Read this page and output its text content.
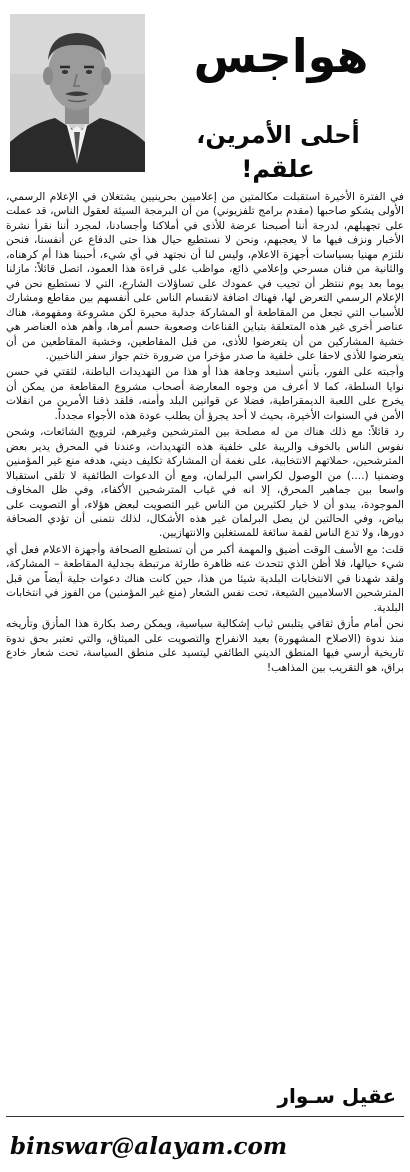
هواجس
أحلى الأمرين، علقم!

في الفترة الأخيرة استقبلت مكالمتين من إعلاميين بحرينيين يشتغلان في الإعلام الرسمي، الأولى يشكو صاحبها (مقدم برامج تلفزيوني) من أن البرمجة السيئة لعقول الناس، قد عملت على تجهيلهم، لدرجة أننا أصبحنا عرضة للأذى في أملاكنا وأجسادنا، لمجرد أننا نقرأ نشرة الأخبار ونزف فيها ما لا يعجبهم، ونحن لا نستطيع حيال هذا حتى الدفاع عن أنفسنا، فنحن نلتزم مهنيا بسياسات أجهزة الاعلام، وليس لنا أن نجتهد في أي شيء، أحببنا هذا أم كرهناه، والثانية من فنان مسرحي وإعلامي ذائع، مواظب على قراءة هذا العمود، اتصل قائلاً: مازلنا يوما بعد يوم ننتظر أن تجيب في عمودك على تساؤلات الشارع، التي لا نستطيع نحن في الإعلام الرسمي التعرض لها، فهناك اضافة لانقسام الناس على أنفسهم بين مقاطع ومشارك للأسباب التي تجعل من المقاطعة أو المشاركة جدلية محيرة لكن مشروعة ومفهومة، هناك عناصر أخرى غير هذه المتعلقة بتباين القناعات وصعوبة حسم أمرها، وأهم هذه العناصر هي خشية المشاركين من أن يتعرضوا للأذى، من قبل المقاطعين، وخشية المقاطعين من أن يتعرضوا للأذى لاحقا على خلفية ما صدر مؤخرا من ضرورة ختم جواز سفر الناخبين.

وأجبته على الفور، بأنني أستبعد وجاهة هذا أو هذا من التهديدات الباطنة، لثقتي في حسن نوايا السلطة، كما لا أعرف من وجوه المعارضة أصحاب مشروع المقاطعة من يمكن أن يخرج على اللعبة الديمقراطية، فضلا عن قوانين البلد وأمنه، فلقد ذقنا الأمرين من انفلات الأمن في السنوات الأخيرة، بحيث لا أحد يجرؤ أن يطلب عودة هذه الأجواء مجدداً.

رد قائلاً: مع ذلك هناك من له مصلحة بين المترشحين وغيرهم، لترويج الشائعات، وشحن نفوس الناس بالخوف والريبة على خلفية هذه التهديدات، وعندنا في المحرق يدير بعض المترشحين، حملاتهم الانتخابية، على نغمة أن المشاركة تكليف ديني، هدفه منع غير المؤمنين وضمنيا (....) من الوصول لكراسي البرلمان، ومع أن الدعوات الطائفية لا تلقى استقبالا واسعا بين جماهير المحرق، إلا انه في غياب المترشحين الأكفاء، وفي ظل المخاوف الموجودة، يبدو أن لا خيار لكثيرين من الناس غير التصويت لبعض هؤلاء، أو التصويت على بياض، وفي الحالتين لن يصل البرلمان غير هذه الأشكال، لذلك نتمنى أن تؤدي الصحافة دورها، ولا تدع الناس لقمة سائغة للمستغلين والانتهازيين.

قلت: مع الأسف الوقت أضيق والمهمة أكبر من أن تستطيع الصحافة وأجهزة الاعلام فعل أي شيء حيالها، فلا أظن الذي تتحدث عنه ظاهرة طارئة مرتبطة بجدلية المقاطعة – المشاركة، ولقد شهدنا في الانتخابات البلدية شيئا من هذا، حين كانت هناك دعوات جلية أيضاً من قبل المترشحين الاسلاميين الشيعة، تحت نفس الشعار (منع غير المؤمنين) من الفوز في انتخابات البلدية.

نحن أمام مأزق ثقافي يتلبس ثياب إشكالية سياسية، ويمكن رصد بكارة هذا المأزق وتأريخه منذ ندوة (الاصلاح المشهورة) بعيد الانفراج والتصويت على الميثاق، والتي تعتبر بحق ندوة تاريخية أرسي فيها المنطق الديني الطائفي ليتسيد على منطق السياسة، تحت شعار خادع براق، هو التقريب بين المذاهب!

عقيل سـوار
binswar@alayam.com
